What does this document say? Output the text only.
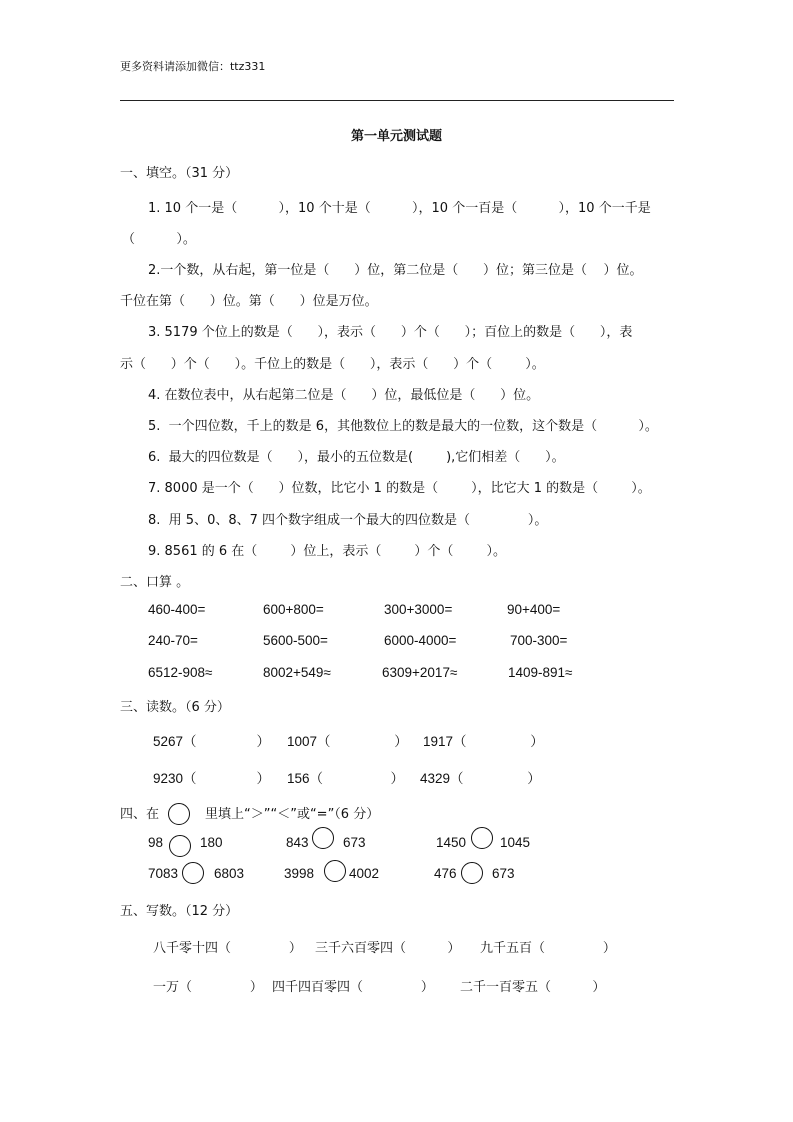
更多资料请添加微信：ttz331
第一单元测试题
一、填空。（31 分）
1. 10 个一是（          ），10 个十是（          ），10 个一百是（          ），10 个一千是
（          ）。
2.一个数，从右起，第一位是（      ）位，第二位是（      ）位；第三位是（    ）位。
千位在第（      ）位。第（      ）位是万位。
3. 5179 个位上的数是（      ），表示（      ）个（      ）；百位上的数是（      ），表
示（      ）个（      ）。千位上的数是（      ），表示（      ）个（        ）。
4. 在数位表中，从右起第二位是（      ）位，最低位是（      ）位。
5.  一个四位数，千上的数是 6，其他数位上的数是最大的一位数，这个数是（          ）。
6.  最大的四位数是（      ），最小的五位数是(        ),它们相差（      ）。
7. 8000 是一个（      ）位数，比它小 1 的数是（        ），比它大 1 的数是（        ）。
8.  用 5、0、8、7 四个数字组成一个最大的四位数是（              ）。
9. 8561 的 6 在（        ）位上，表示（        ）个（        ）。
二、口算 。
460-400=	600+800=	300+3000=	90+400=
240-70=	5600-500=	6000-4000=	700-300=
6512-908≈	8002+549≈	6309+2017≈	1409-891≈
三、读数。（6 分）
5267（                ） 1007（                 ） 1917（                 ）
9230（                ） 156（                  ） 4329（                 ）
四、在	里填上“＞”“＜”或“=”（6 分）
98	180	843	673	1450	1045
7083	6803	3998	4002	476	673
五、写数。（12 分）
八千零十四（              ） 三千六百零四（          ） 九千五百（              ）
一万（              ） 四千四百零四（              ） 二千一百零五（          ）
